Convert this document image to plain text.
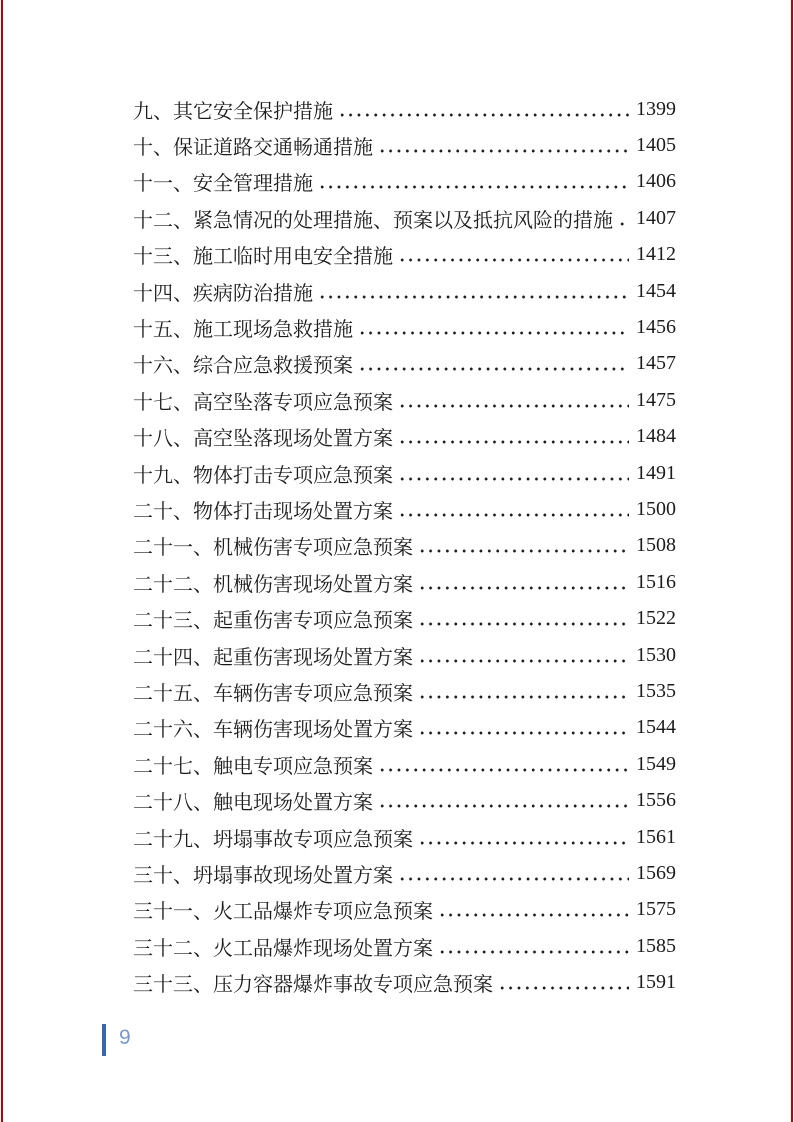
九、其它安全保护措施	1399
十、保证道路交通畅通措施	1405
十一、安全管理措施	1406
十二、紧急情况的处理措施、预案以及抵抗风险的措施 1407
十三、施工临时用电安全措施	1412
十四、疾病防治措施	1454
十五、施工现场急救措施	1456
十六、综合应急救援预案	1457
十七、高空坠落专项应急预案	1475
十八、高空坠落现场处置方案	1484
十九、物体打击专项应急预案	1491
二十、物体打击现场处置方案	1500
二十一、机械伤害专项应急预案	1508
二十二、机械伤害现场处置方案	1516
二十三、起重伤害专项应急预案	1522
二十四、起重伤害现场处置方案	1530
二十五、车辆伤害专项应急预案	1535
二十六、车辆伤害现场处置方案	1544
二十七、触电专项应急预案	1549
二十八、触电现场处置方案	1556
二十九、坍塌事故专项应急预案	1561
三十、坍塌事故现场处置方案	1569
三十一、火工品爆炸专项应急预案	1575
三十二、火工品爆炸现场处置方案	1585
三十三、压力容器爆炸事故专项应急预案	1591
9
